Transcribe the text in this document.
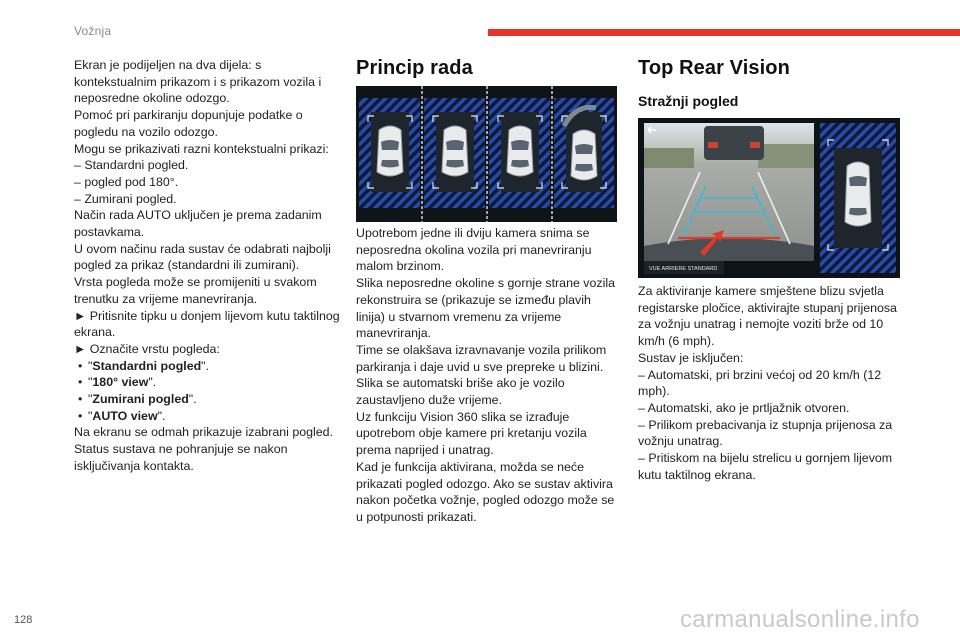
Vožnja

Ekran je podijeljen na dva dijela: s kontekstualnim prikazom i s prikazom vozila i neposredne okoline odozgo.

Pomoć pri parkiranju dopunjuje podatke o pogledu na vozilo odozgo.

Mogu se prikazivati razni kontekstualni prikazi:

– Standardni pogled.

– pogled pod 180°.

– Zumirani pogled.

Način rada AUTO uključen je prema zadanim postavkama.

U ovom načinu rada sustav će odabrati najbolji pogled za prikaz (standardni ili zumirani).

Vrsta pogleda može se promijeniti u svakom trenutku za vrijeme manevriranja.

► Pritisnite tipku u donjem lijevom kutu taktilnog ekrana.

► Označite vrstu pogleda:

• "Standardni pogled".

• "180° view".

• "Zumirani pogled".

• "AUTO view".

Na ekranu se odmah prikazuje izabrani pogled.

Status sustava ne pohranjuje se nakon isključivanja kontakta.

Princip rada

Upotrebom jedne ili dviju kamera snima se neposredna okolina vozila pri manevriranju malom brzinom.

Slika neposredne okoline s gornje strane vozila rekonstruira se (prikazuje se između plavih linija) u stvarnom vremenu za vrijeme manevriranja.

Time se olakšava izravnavanje vozila prilikom parkiranja i daje uvid u sve prepreke u blizini. Slika se automatski briše ako je vozilo zaustavljeno duže vrijeme.

Uz funkciju Vision 360 slika se izrađuje upotrebom obje kamere pri kretanju vozila prema naprijed i unatrag.

Kad je funkcija aktivirana, možda se neće prikazati pogled odozgo. Ako se sustav aktivira nakon početka vožnje, pogled odozgo može se u potpunosti prikazati.

Top Rear Vision
Stražnji pogled
VUE ARRIERE STANDARD

Za aktiviranje kamere smještene blizu svjetla registarske pločice, aktivirajte stupanj prijenosa za vožnju unatrag i nemojte voziti brže od 10 km/h (6 mph).

Sustav je isključen:

– Automatski, pri brzini većoj od 20 km/h (12 mph).

– Automatski, ako je prtljažnik otvoren.

– Prilikom prebacivanja iz stupnja prijenosa za vožnju unatrag.

– Pritiskom na bijelu strelicu u gornjem lijevom kutu taktilnog ekrana.

128	carmanualsonline.info
